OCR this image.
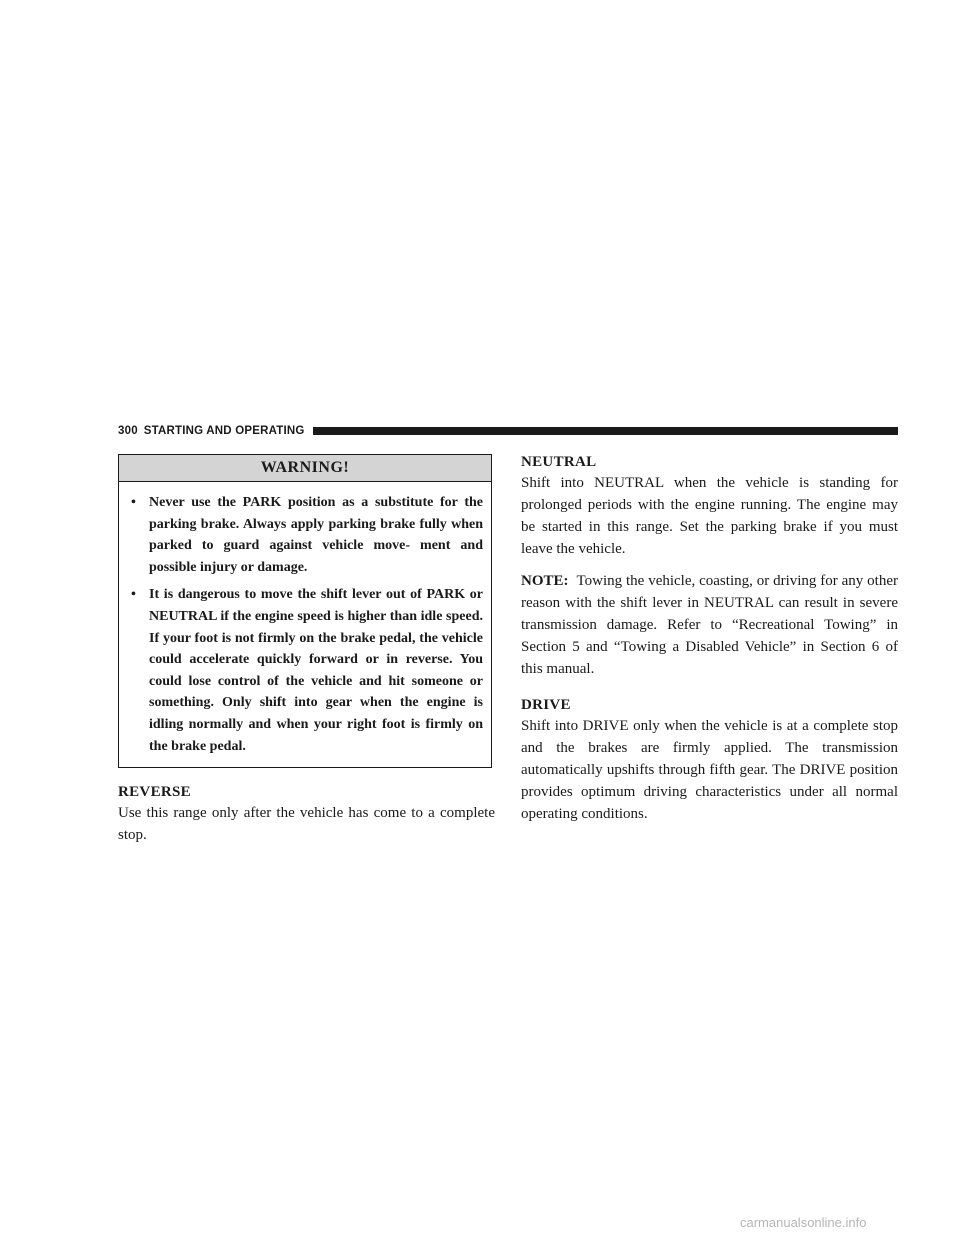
300 STARTING AND OPERATING
WARNING!
• Never use the PARK position as a substitute for the parking brake. Always apply parking brake fully when parked to guard against vehicle move- ment and possible injury or damage.
• It is dangerous to move the shift lever out of PARK or NEUTRAL if the engine speed is higher than idle speed. If your foot is not firmly on the brake pedal, the vehicle could accelerate quickly forward or in reverse. You could lose control of the vehicle and hit someone or something. Only shift into gear when the engine is idling normally and when your right foot is firmly on the brake pedal.

REVERSE

Use this range only after the vehicle has come to a complete stop.

NEUTRAL

Shift into NEUTRAL when the vehicle is standing for prolonged periods with the engine running. The engine may be started in this range. Set the parking brake if you must leave the vehicle.

NOTE: Towing the vehicle, coasting, or driving for any other reason with the shift lever in NEUTRAL can result in severe transmission damage. Refer to “Recreational Towing” in Section 5 and “Towing a Disabled Vehicle” in Section 6 of this manual.

DRIVE

Shift into DRIVE only when the vehicle is at a complete stop and the brakes are firmly applied. The transmission automatically upshifts through fifth gear. The DRIVE position provides optimum driving characteristics under all normal operating conditions.

carmanualsonline.info
